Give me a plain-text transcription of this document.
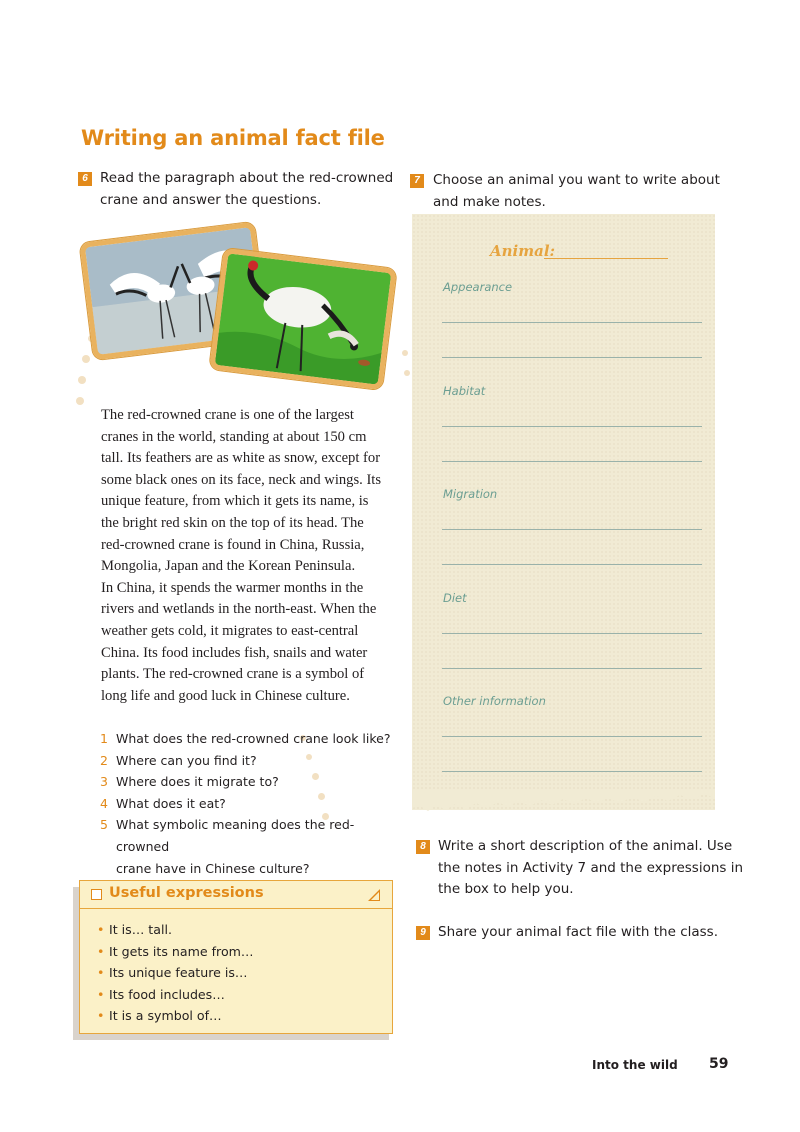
Writing an animal fact file
6 Read the paragraph about the red-crowned
crane and answer the questions.

The red-crowned crane is one of the largest

cranes in the world, standing at about 150 cm

tall. Its feathers are as white as snow, except for

some black ones on its face, neck and wings. Its

unique feature, from which it gets its name, is

the bright red skin on the top of its head. The

red-crowned crane is found in China, Russia,

Mongolia, Japan and the Korean Peninsula.

In China, it spends the warmer months in the

rivers and wetlands in the north-east. When the

weather gets cold, it migrates to east-central

China. Its food includes fish, snails and water

plants. The red-crowned crane is a symbol of

long life and good luck in Chinese culture.

1 What does the red-crowned crane look like?
2 Where can you find it?
3 Where does it migrate to?
4 What does it eat?
5 What symbolic meaning does the red-crowned
crane have in Chinese culture?
Useful expressions
• It is… tall.
• It gets its name from…
• Its unique feature is…
• Its food includes…
• It is a symbol of…
7 Choose an animal you want to write about
and make notes.
Animal:
Appearance
Habitat
Migration
Diet
Other information
8 Write a short description of the animal. Use
the notes in Activity 7 and the expressions in
the box to help you.
9 Share your animal fact file with the class.
Into the wild 59
